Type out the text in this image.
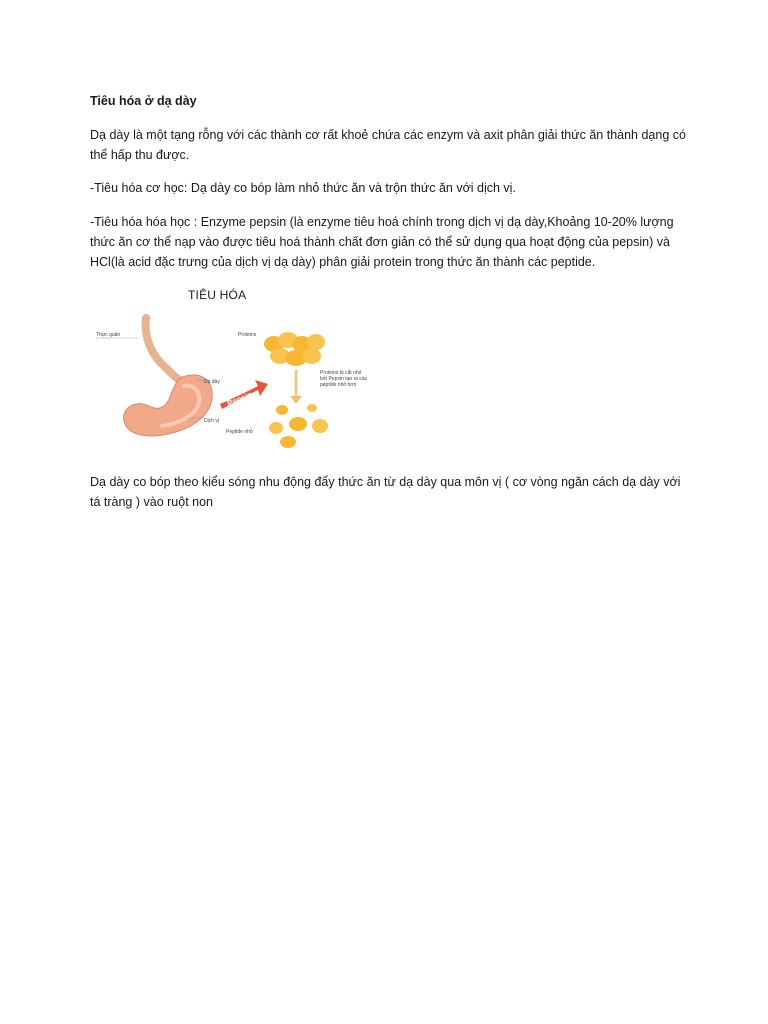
Tiêu hóa ở dạ dày
Dạ dày là một tạng rỗng với các thành cơ rất khoẻ chứa các enzym và axit phân giải thức ăn thành dạng có thể hấp thu được.
-Tiêu hóa cơ học: Dạ dày co bóp làm nhỏ thức ăn và trộn thức ăn với dịch vị.
-Tiêu hóa hóa học : Enzyme pepsin (là enzyme tiêu hoá chính trong dịch vị dạ dày,Khoảng 10-20% lượng thức ăn cơ thể nạp vào được tiêu hoá thành chất đơn giản có thể sử dụng qua hoạt động của pepsin) và HCl(là acid đặc trưng của dịch vị dạ dày) phân giải protein trong thức ăn thành các peptide.
TIÊU HÓA
Thực quản
Dạ dày
Dịch vị
Pepsin
Proteins
Proteins bị cắt nhỏ
bởi Pepsin tạo ra các
peptide nhỏ hơn
Peptide nhỏ
Dạ dày co bóp theo kiểu sóng nhu động đẩy thức ăn từ dạ dày qua môn vị ( cơ vòng ngăn cách dạ dày với tá tràng ) vào ruột non
